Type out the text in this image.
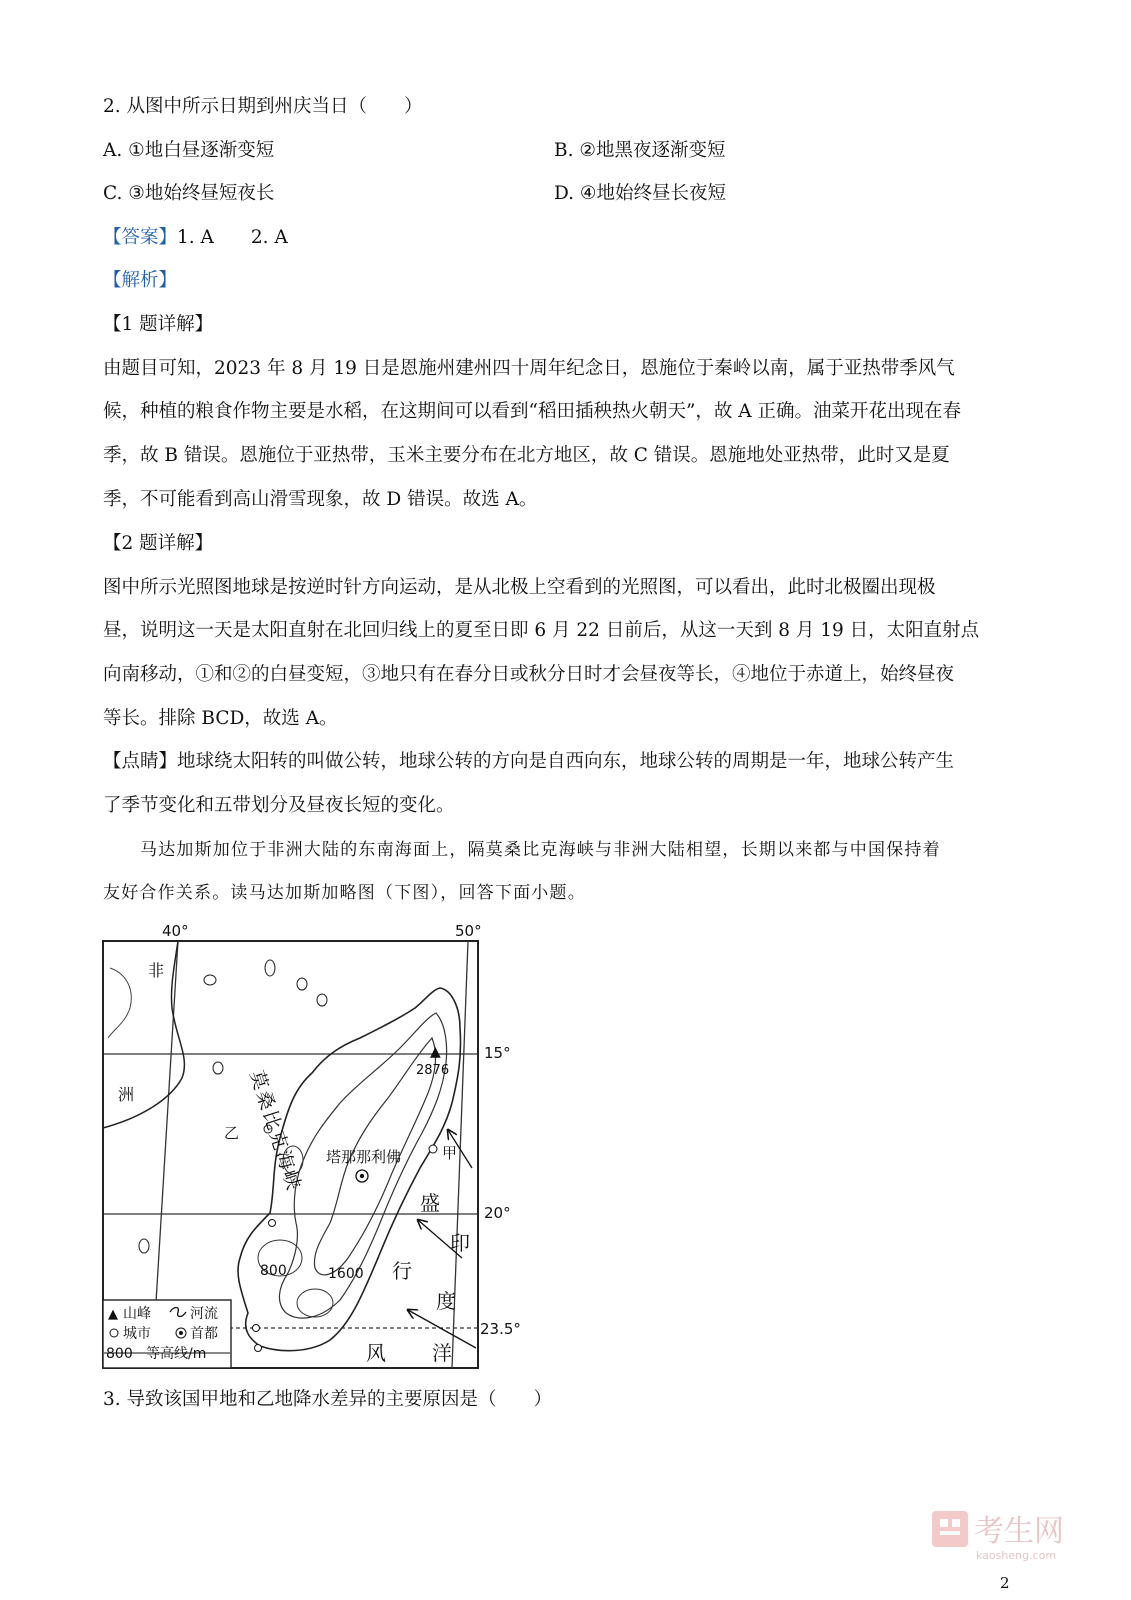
2. 从图中所示日期到州庆当日（　　）
A. ①地白昼逐渐变短	B. ②地黑夜逐渐变短
C. ③地始终昼短夜长	D. ④地始终昼长夜短
【答案】1. A　　2. A
【解析】
【1 题详解】
由题目可知，2023 年 8 月 19 日是恩施州建州四十周年纪念日，恩施位于秦岭以南，属于亚热带季风气
候，种植的粮食作物主要是水稻，在这期间可以看到“稻田插秧热火朝天”，故 A 正确。油菜开花出现在春
季，故 B 错误。恩施位于亚热带，玉米主要分布在北方地区，故 C 错误。恩施地处亚热带，此时又是夏
季，不可能看到高山滑雪现象，故 D 错误。故选 A。
【2 题详解】
图中所示光照图地球是按逆时针方向运动，是从北极上空看到的光照图，可以看出，此时北极圈出现极
昼，说明这一天是太阳直射在北回归线上的夏至日即 6 月 22 日前后，从这一天到 8 月 19 日，太阳直射点
向南移动，①和②的白昼变短，③地只有在春分日或秋分日时才会昼夜等长，④地位于赤道上，始终昼夜
等长。排除 BCD，故选 A。
【点睛】地球绕太阳转的叫做公转，地球公转的方向是自西向东，地球公转的周期是一年，地球公转产生
了季节变化和五带划分及昼夜长短的变化。
马达加斯加位于非洲大陆的东南海面上，隔莫桑比克海峡与非洲大陆相望，长期以来都与中国保持着
友好合作关系。读马达加斯加略图（下图），回答下面小题。
40°	50°
15°
20°
23.5°
非
洲
▲
2876
塔那那利佛	甲
乙
800	1600
莫桑比克海峡
盛
行
风
印
度
洋
▲ 山峰	河流
城市	首都
800 等高线/m
3. 导致该国甲地和乙地降水差异的主要原因是（　　）
考生网
kaosheng.com
2
